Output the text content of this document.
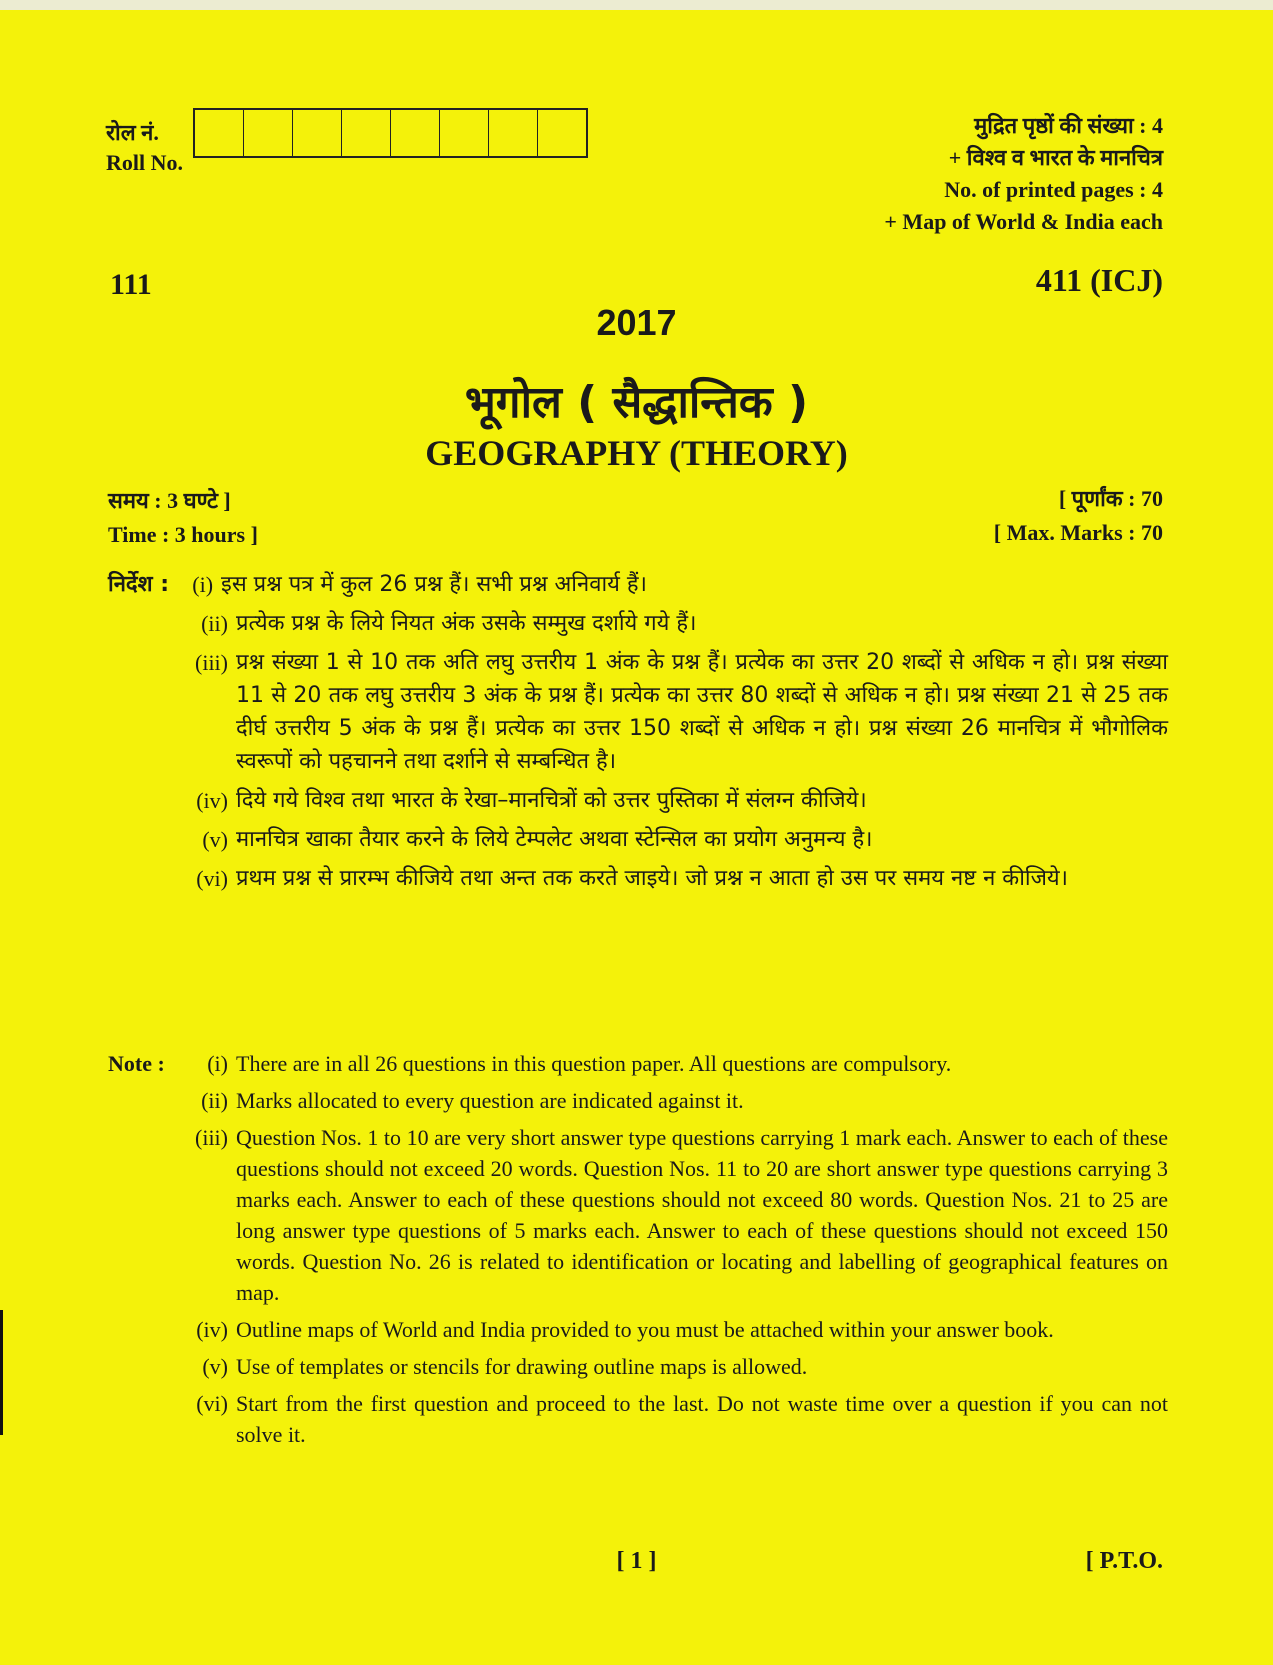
रोल नं.
Roll No.
मुद्रित पृष्ठों की संख्या : 4
+ विश्व व भारत के मानचित्र
No. of printed pages : 4
+ Map of World & India each
111	411 (ICJ)
2017
भूगोल ( सैद्धान्तिक )
GEOGRAPHY (THEORY)
समय : 3 घण्टे ]
Time : 3 hours ]
[ पूर्णांक : 70
[ Max. Marks : 70
निर्देश :	(i) इस प्रश्न पत्र में कुल 26 प्रश्न हैं। सभी प्रश्न अनिवार्य हैं।
(ii) प्रत्येक प्रश्न के लिये नियत अंक उसके सम्मुख दर्शाये गये हैं।
(iii) प्रश्न संख्या 1 से 10 तक अति लघु उत्तरीय 1 अंक के प्रश्न हैं। प्रत्येक का उत्तर 20 शब्दों से अधिक न हो। प्रश्न संख्या 11 से 20 तक लघु उत्तरीय 3 अंक के प्रश्न हैं। प्रत्येक का उत्तर 80 शब्दों से अधिक न हो। प्रश्न संख्या 21 से 25 तक दीर्घ उत्तरीय 5 अंक के प्रश्न हैं। प्रत्येक का उत्तर 150 शब्दों से अधिक न हो। प्रश्न संख्या 26 मानचित्र में भौगोलिक स्वरूपों को पहचानने तथा दर्शाने से सम्बन्धित है।
(iv) दिये गये विश्व तथा भारत के रेखा–मानचित्रों को उत्तर पुस्तिका में संलग्न कीजिये।
(v) मानचित्र खाका तैयार करने के लिये टेम्पलेट अथवा स्टेन्सिल का प्रयोग अनुमन्य है।
(vi) प्रथम प्रश्न से प्रारम्भ कीजिये तथा अन्त तक करते जाइये। जो प्रश्न न आता हो उस पर समय नष्ट न कीजिये।
Note :	(i) There are in all 26 questions in this question paper. All questions are compulsory.
(ii) Marks allocated to every question are indicated against it.
(iii) Question Nos. 1 to 10 are very short answer type questions carrying 1 mark each. Answer to each of these questions should not exceed 20 words. Question Nos. 11 to 20 are short answer type questions carrying 3 marks each. Answer to each of these questions should not exceed 80 words. Question Nos. 21 to 25 are long answer type questions of 5 marks each. Answer to each of these questions should not exceed 150 words. Question No. 26 is related to identification or locating and labelling of geographical features on map.
(iv) Outline maps of World and India provided to you must be attached within your answer book.
(v) Use of templates or stencils for drawing outline maps is allowed.
(vi) Start from the first question and proceed to the last. Do not waste time over a question if you can not solve it.
[ 1 ]	[ P.T.O.
